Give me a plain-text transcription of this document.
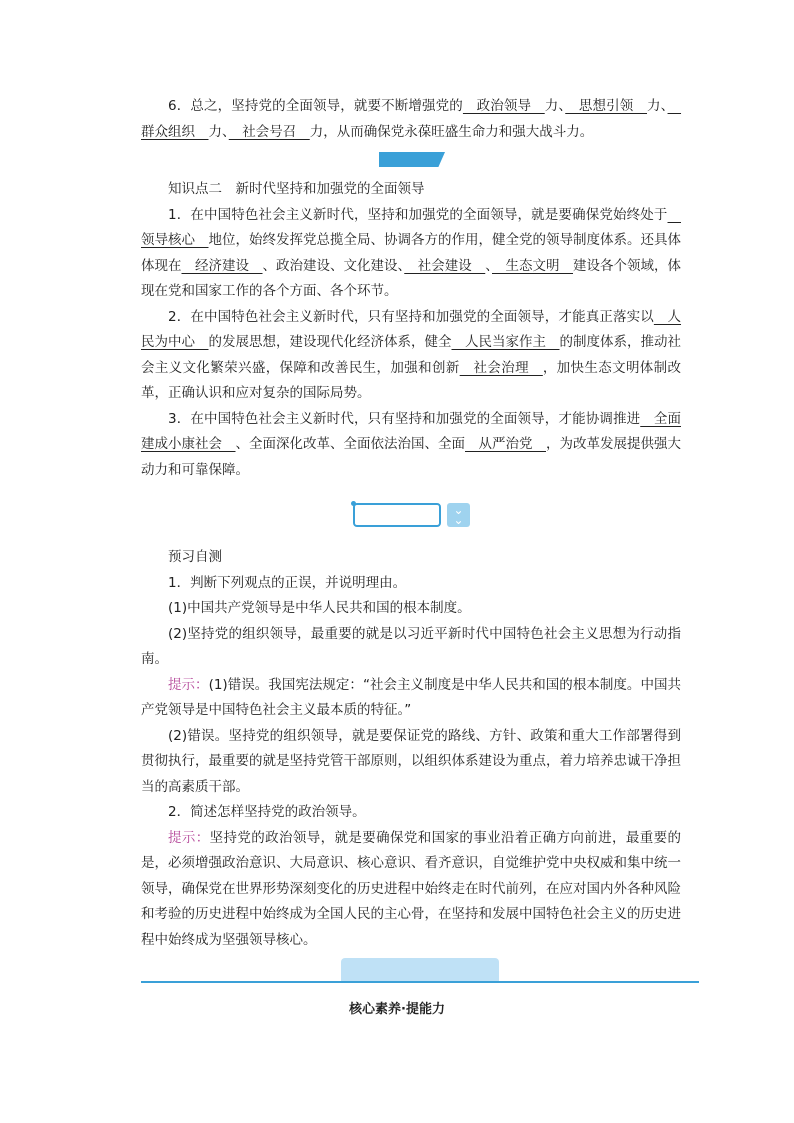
6．总之，坚持党的全面领导，就要不断增强党的　政治领导　力、　思想引领　力、　群众组织　力、　社会号召　力，从而确保党永葆旺盛生命力和强大战斗力。

知识点二　新时代坚持和加强党的全面领导

1．在中国特色社会主义新时代，坚持和加强党的全面领导，就是要确保党始终处于　领导核心　地位，始终发挥党总揽全局、协调各方的作用，健全党的领导制度体系。还具体体现在　经济建设　、政治建设、文化建设、　社会建设　、　生态文明　建设各个领域，体现在党和国家工作的各个方面、各个环节。

2．在中国特色社会主义新时代，只有坚持和加强党的全面领导，才能真正落实以　人民为中心　的发展思想，建设现代化经济体系，健全　人民当家作主　的制度体系，推动社会主义文化繁荣兴盛，保障和改善民生，加强和创新　社会治理　，加快生态文明体制改革，正确认识和应对复杂的国际局势。

3．在中国特色社会主义新时代，只有坚持和加强党的全面领导，才能协调推进　全面建成小康社会　、全面深化改革、全面依法治国、全面　从严治党　，为改革发展提供强大动力和可靠保障。

⌄
⌄

预习自测

1．判断下列观点的正误，并说明理由。

(1)中国共产党领导是中华人民共和国的根本制度。

(2)坚持党的组织领导，最重要的就是以习近平新时代中国特色社会主义思想为行动指南。

提示：(1)错误。我国宪法规定：“社会主义制度是中华人民共和国的根本制度。中国共产党领导是中国特色社会主义最本质的特征。”

(2)错误。坚持党的组织领导，就是要保证党的路线、方针、政策和重大工作部署得到贯彻执行，最重要的就是坚持党管干部原则，以组织体系建设为重点，着力培养忠诚干净担当的高素质干部。

2．简述怎样坚持党的政治领导。

提示：坚持党的政治领导，就是要确保党和国家的事业沿着正确方向前进，最重要的是，必须增强政治意识、大局意识、核心意识、看齐意识，自觉维护党中央权威和集中统一领导，确保党在世界形势深刻变化的历史进程中始终走在时代前列，在应对国内外各种风险和考验的历史进程中始终成为全国人民的主心骨，在坚持和发展中国特色社会主义的历史进程中始终成为坚强领导核心。

核心素养·提能力
